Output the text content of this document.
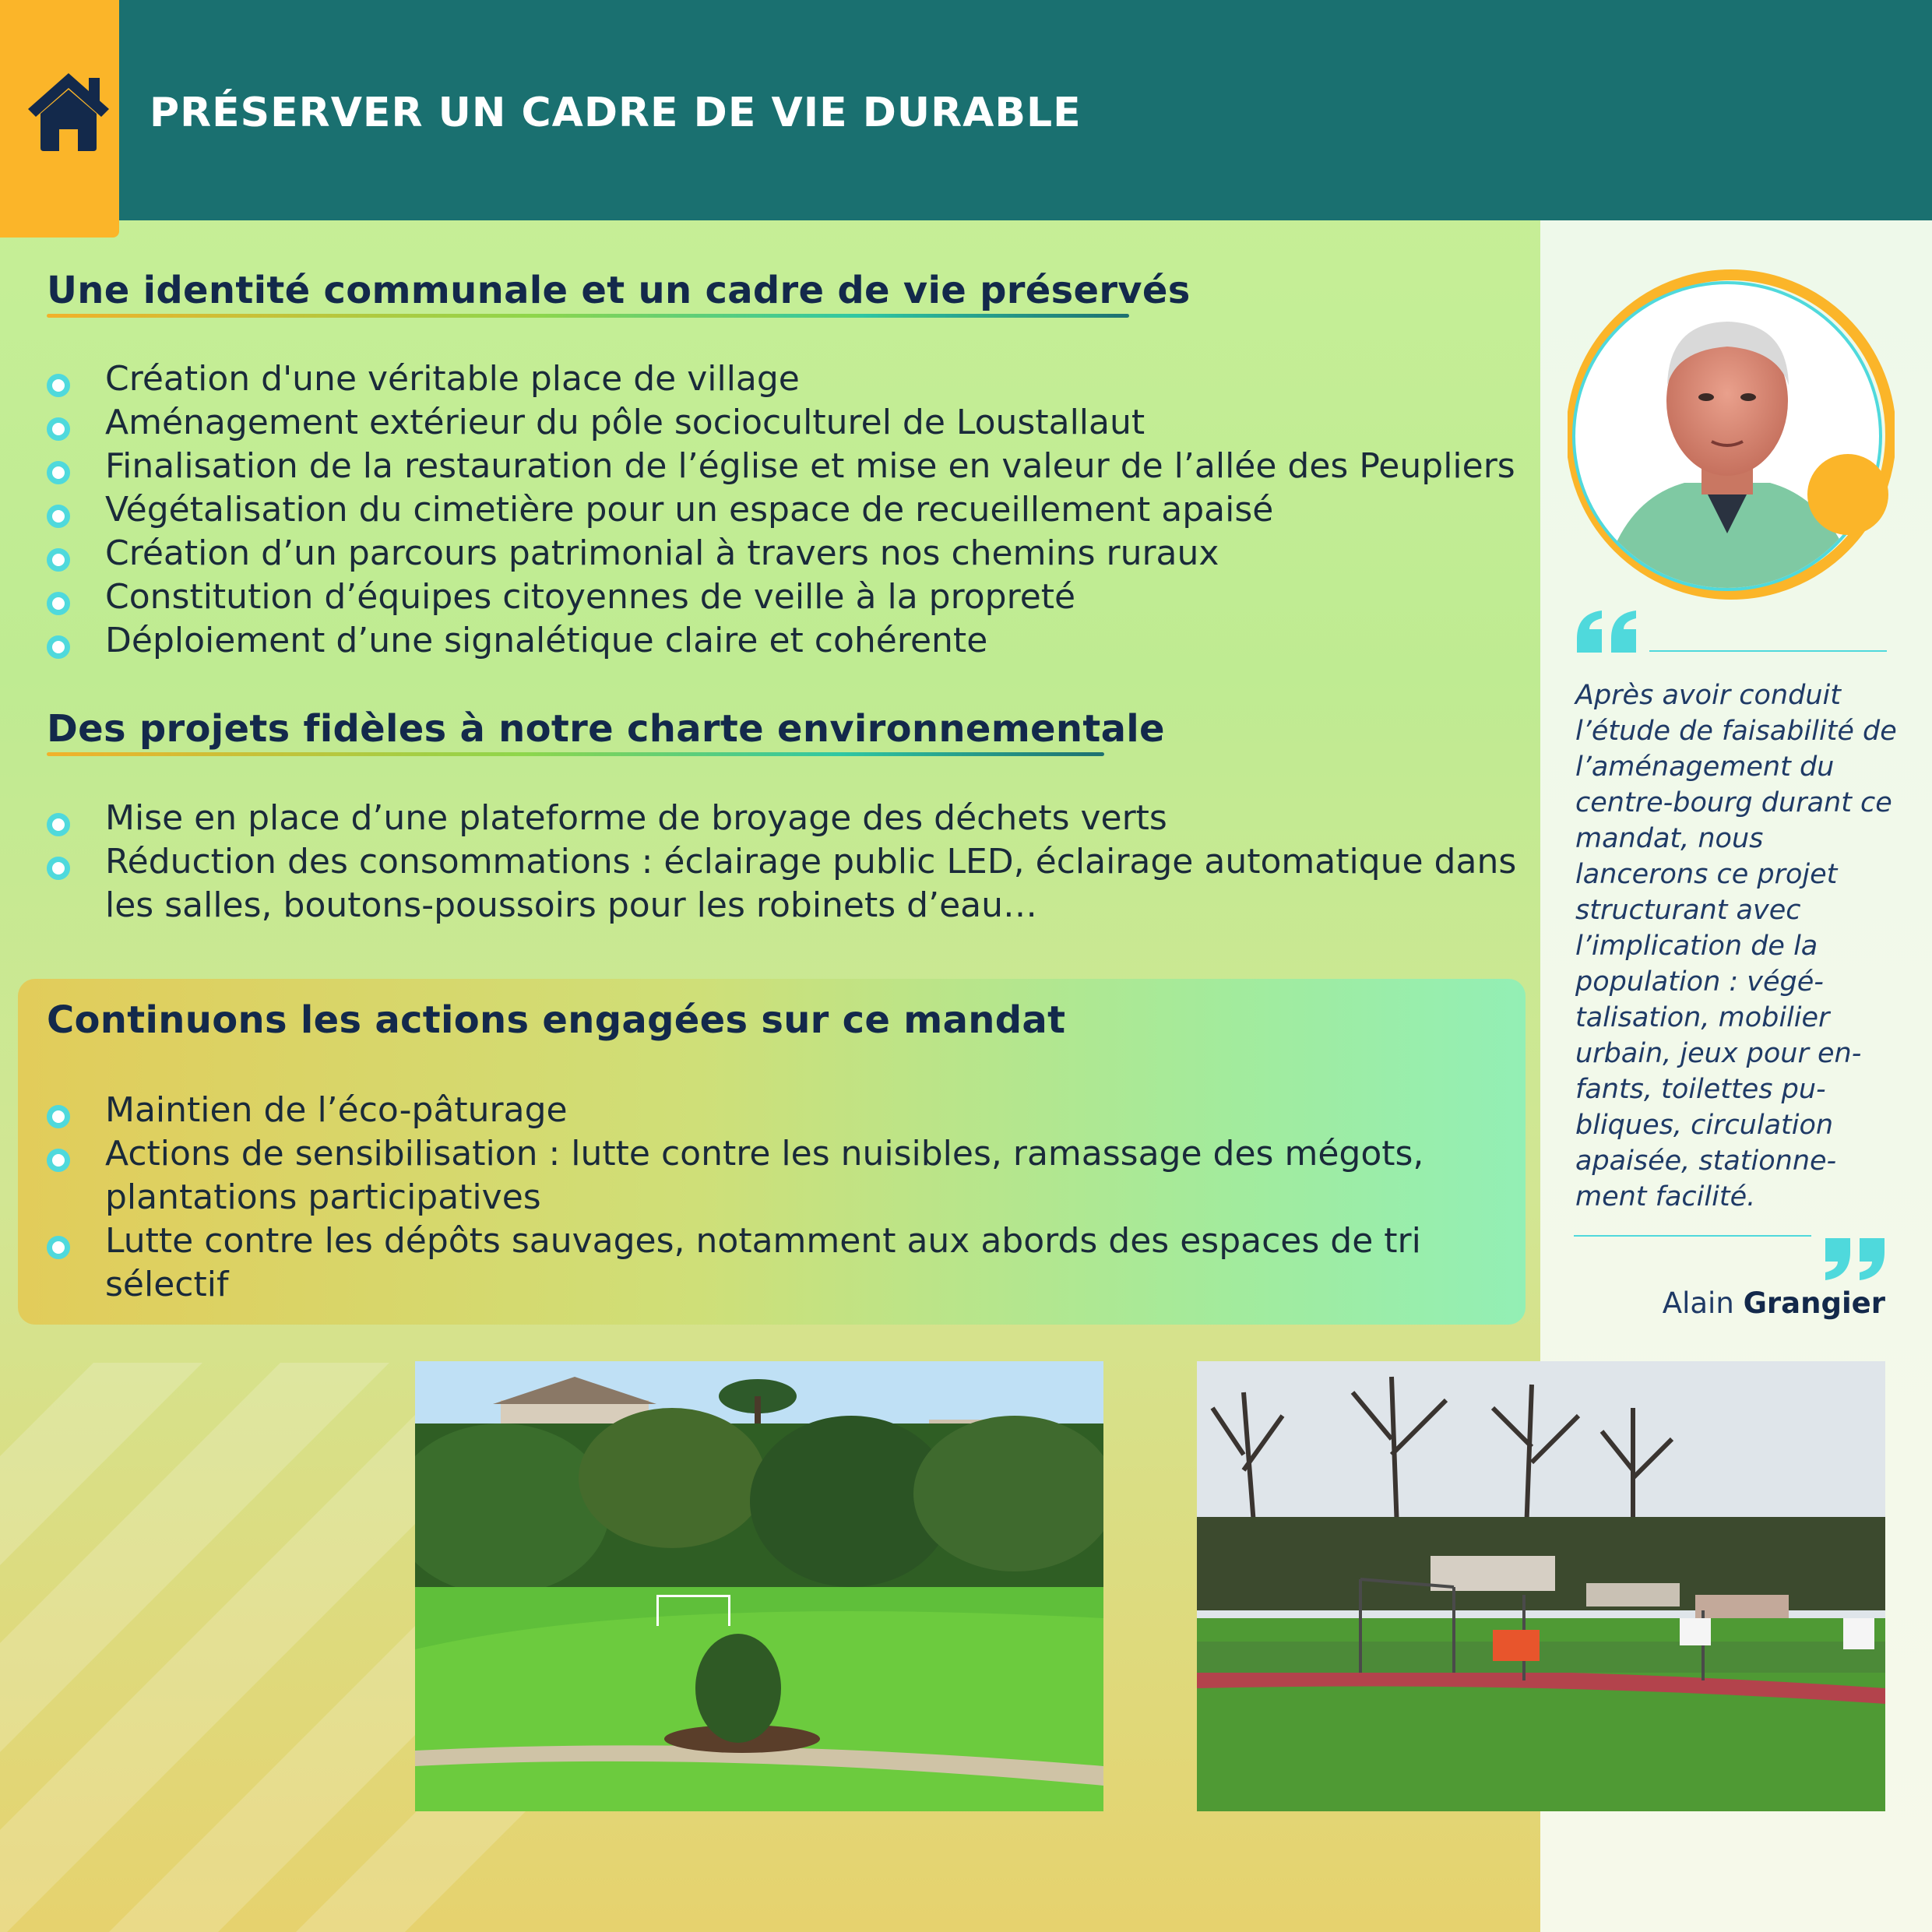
PRÉSERVER UN CADRE DE VIE DURABLE
Une identité communale et un cadre de vie préservés
Création d'une véritable place de village
Aménagement extérieur du pôle socioculturel de Loustallaut
Finalisation de la restauration de l’église et mise en valeur de l’allée des Peupliers
Végétalisation du cimetière pour un espace de recueillement apaisé
Création d’un parcours patrimonial à travers nos chemins ruraux
Constitution d’équipes citoyennes de veille à la propreté
Déploiement d’une signalétique claire et cohérente
Des projets fidèles à notre charte environnementale
Mise en place d’une plateforme de broyage des déchets verts
Réduction des consommations : éclairage public LED, éclairage automatique dans les salles, boutons-poussoirs pour les robinets d’eau…
Continuons les actions engagées sur ce mandat
Maintien de l’éco-pâturage
Actions de sensibilisation : lutte contre les nuisibles, ramassage des mégots, plantations participatives
Lutte contre les dépôts sauvages, notamment aux abords des espaces de tri sélectif

Après avoir conduit l’étude de faisabilité de l’aménagement du centre-bourg durant ce mandat, nous lancerons ce projet structurant avec l’implication de la population : végé-talisation, mobilier urbain, jeux pour en-fants, toilettes pu-bliques, circulation apaisée, stationne-ment facilité.

Alain Grangier
